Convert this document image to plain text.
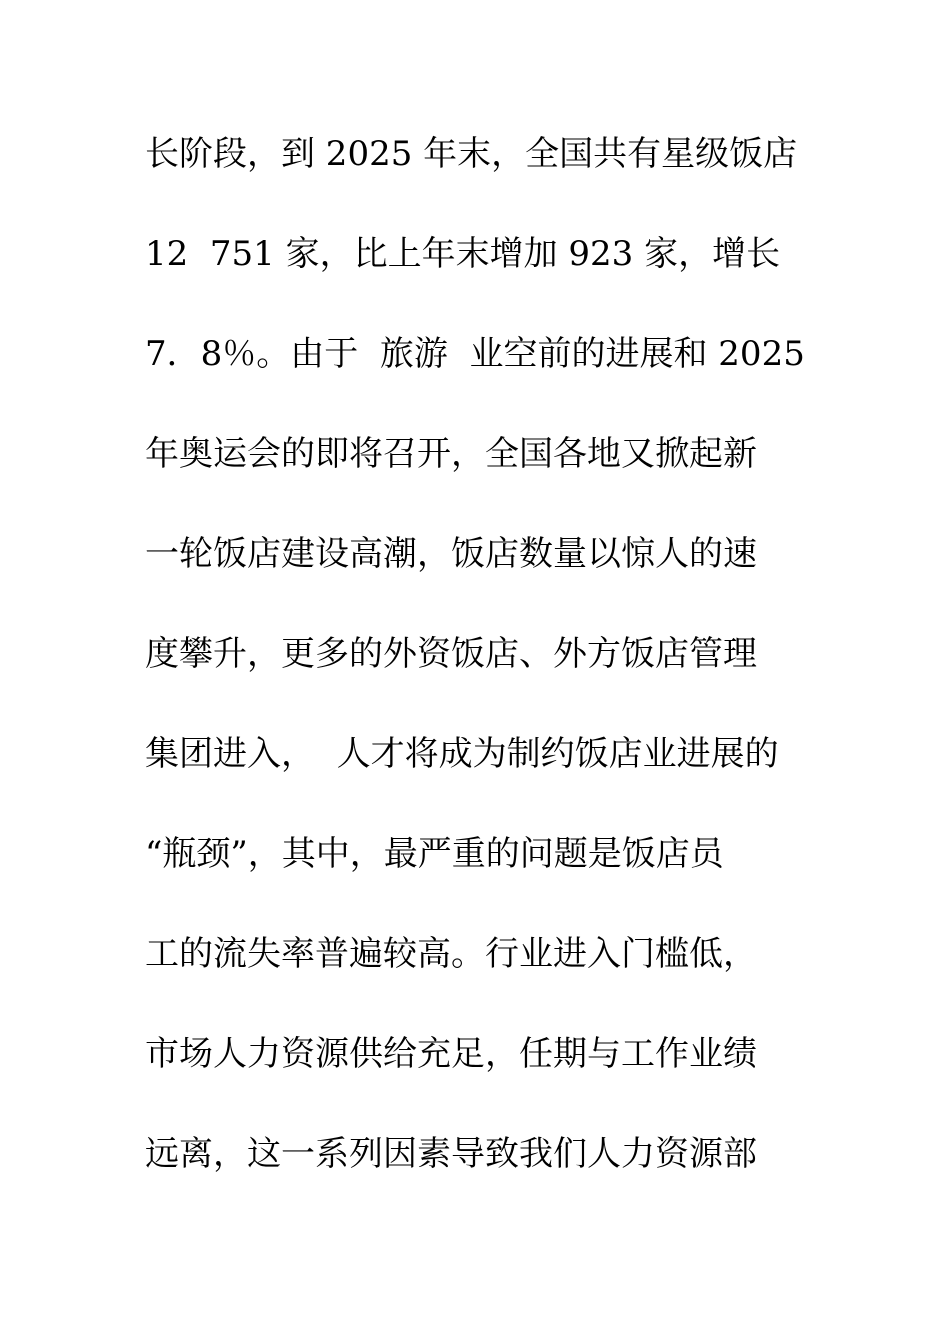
长阶段，到 2025 年末，全国共有星级饭店
12  751 家，比上年末增加 923 家，增长
7．8％。由于  旅游  业空前的进展和 2025
年奥运会的即将召开，全国各地又掀起新
一轮饭店建设高潮，饭店数量以惊人的速
度攀升，更多的外资饭店、外方饭店管理
集团进入，  人才将成为制约饭店业进展的
“瓶颈”，其中，最严重的问题是饭店员
工的流失率普遍较高。行业进入门槛低，
市场人力资源供给充足，任期与工作业绩
远离，这一系列因素导致我们人力资源部
